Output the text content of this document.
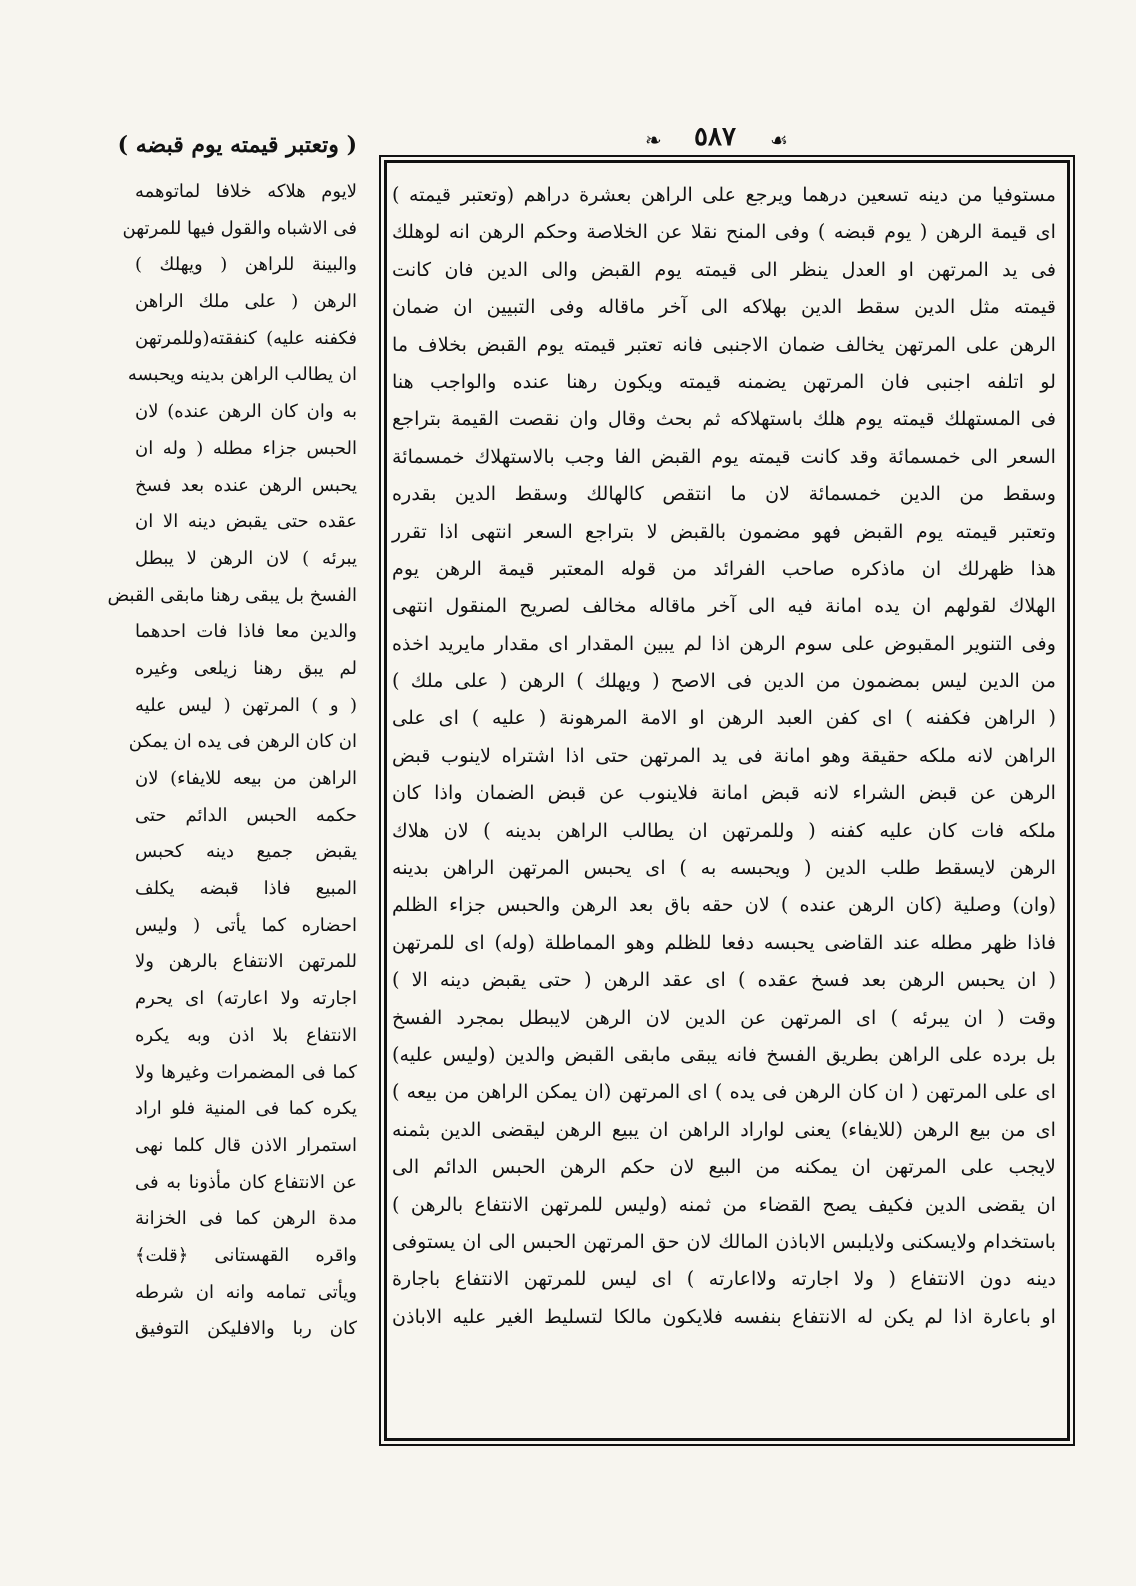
❧	٥٨٧	☙
( وتعتبر قيمته يوم قبضه )
مستوفيا من دينه تسعين درهما ويرجع على الراهن بعشرة دراهم (وتعتبر قيمته )
اى قيمة الرهن ( يوم قبضه ) وفى المنح نقلا عن الخلاصة وحكم الرهن انه لوهلك
فى يد المرتهن او العدل ينظر الى قيمته يوم القبض والى الدين فان كانت
قيمته مثل الدين سقط الدين بهلاكه الى آخر ماقاله وفى التبيين ان ضمان
الرهن على المرتهن يخالف ضمان الاجنبى فانه تعتبر قيمته يوم القبض بخلاف ما
لو اتلفه اجنبى فان المرتهن يضمنه قيمته ويكون رهنا عنده والواجب هنا
فى المستهلك قيمته يوم هلك باستهلاكه ثم بحث وقال وان نقصت القيمة بتراجع
السعر الى خمسمائة وقد كانت قيمته يوم القبض الفا وجب بالاستهلاك خمسمائة
وسقط من الدين خمسمائة لان ما انتقص كالهالك وسقط الدين بقدره
وتعتبر قيمته يوم القبض فهو مضمون بالقبض لا بتراجع السعر انتهى اذا تقرر
هذا ظهرلك ان ماذكره صاحب الفرائد من قوله المعتبر قيمة الرهن يوم
الهلاك لقولهم ان يده امانة فيه الى آخر ماقاله مخالف لصريح المنقول انتهى
وفى التنوير المقبوض على سوم الرهن اذا لم يبين المقدار اى مقدار مايريد اخذه
من الدين ليس بمضمون من الدين فى الاصح ( ويهلك ) الرهن ( على ملك )
( الراهن فكفنه ) اى كفن العبد الرهن او الامة المرهونة ( عليه ) اى على
الراهن لانه ملكه حقيقة وهو امانة فى يد المرتهن حتى اذا اشتراه لاينوب قبض
الرهن عن قبض الشراء لانه قبض امانة فلاينوب عن قبض الضمان واذا كان
ملكه فات كان عليه كفنه ( وللمرتهن ان يطالب الراهن بدينه ) لان هلاك
الرهن لايسقط طلب الدين ( ويحبسه به ) اى يحبس المرتهن الراهن بدينه
(وان) وصلية (كان الرهن عنده ) لان حقه باق بعد الرهن والحبس جزاء الظلم
فاذا ظهر مطله عند القاضى يحبسه دفعا للظلم وهو المماطلة (وله) اى للمرتهن
( ان يحبس الرهن بعد فسخ عقده ) اى عقد الرهن ( حتى يقبض دينه الا )
وقت ( ان يبرئه ) اى المرتهن عن الدين لان الرهن لايبطل بمجرد الفسخ
بل برده على الراهن بطريق الفسخ فانه يبقى مابقى القبض والدين (وليس عليه)
اى على المرتهن ( ان كان الرهن فى يده ) اى المرتهن (ان يمكن الراهن من بيعه )
اى من بيع الرهن (للايفاء) يعنى لواراد الراهن ان يبيع الرهن ليقضى الدين بثمنه
لايجب على المرتهن ان يمكنه من البيع لان حكم الرهن الحبس الدائم الى
ان يقضى الدين فكيف يصح القضاء من ثمنه (وليس للمرتهن الانتفاع بالرهن )
باستخدام ولايسكنى ولايلبس الاباذن المالك لان حق المرتهن الحبس الى ان يستوفى
دينه دون الانتفاع ( ولا اجارته ولااعارته ) اى ليس للمرتهن الانتفاع باجارة
او باعارة اذا لم يكن له الانتفاع بنفسه فلايكون مالكا لتسليط الغير عليه الاباذن
لايوم هلاكه خلافا لماتوهمه
فى الاشباه والقول فيها للمرتهن
والبينة للراهن ( ويهلك )
الرهن ( على ملك الراهن
فكفنه عليه) كنفقته(وللمرتهن
ان يطالب الراهن بدينه ويحبسه
به وان كان الرهن عنده) لان
الحبس جزاء مطله ( وله ان
يحبس الرهن عنده بعد فسخ
عقده حتى يقبض دينه الا ان
يبرئه ) لان الرهن لا يبطل
الفسخ بل يبقى رهنا مابقى القبض
والدين معا فاذا فات احدهما
لم يبق رهنا زيلعى وغيره
( و ) المرتهن ( ليس عليه
ان كان الرهن فى يده ان يمكن
الراهن من بيعه للايفاء) لان
حكمه الحبس الدائم حتى
يقبض جميع دينه كحبس
المبيع فاذا قبضه يكلف
احضاره كما يأتى ( وليس
للمرتهن الانتفاع بالرهن ولا
اجارته ولا اعارته) اى يحرم
الانتفاع بلا اذن وبه يكره
كما فى المضمرات وغيرها ولا
يكره كما فى المنية فلو اراد
استمرار الاذن قال كلما نهى
عن الانتفاع كان مأذونا به فى
مدة الرهن كما فى الخزانة
واقره القهستانى ﴿قلت﴾
ويأتى تمامه وانه ان شرطه
كان ربا والافليكن التوفيق
